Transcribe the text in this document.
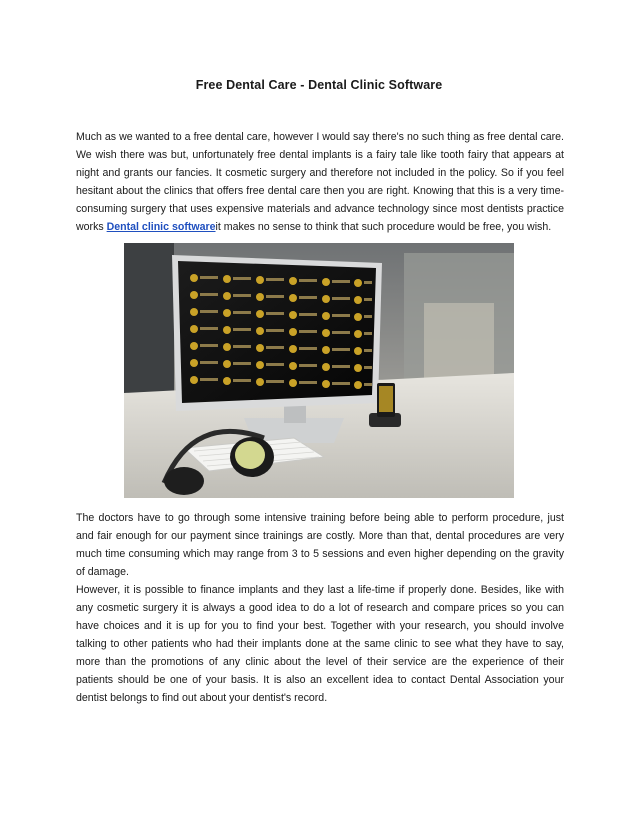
Free Dental Care - Dental Clinic Software

Much as we wanted to a free dental care, however I would say there's no such thing as free dental care. We wish there was but, unfortunately free dental implants is a fairy tale like tooth fairy that appears at night and grants our fancies. It cosmetic surgery and therefore not included in the policy. So if you feel hesitant about the clinics that offers free dental care then you are right. Knowing that this is a very time-consuming surgery that uses expensive materials and advance technology since most dentists practice works Dental clinic softwareit makes no sense to think that such procedure would be free, you wish.

The doctors have to go through some intensive training before being able to perform procedure, just and fair enough for our payment since trainings are costly. More than that, dental procedures are very much time consuming which may range from 3 to 5 sessions and even higher depending on the gravity of damage.

However, it is possible to finance implants and they last a life-time if properly done. Besides, like with any cosmetic surgery it is always a good idea to do a lot of research and compare prices so you can have choices and it is up for you to find your best. Together with your research, you should involve talking to other patients who had their implants done at the same clinic to see what they have to say, more than the promotions of any clinic about the level of their service are the experience of their patients should be one of your basis. It is also an excellent idea to contact Dental Association your dentist belongs to find out about your dentist's record.
